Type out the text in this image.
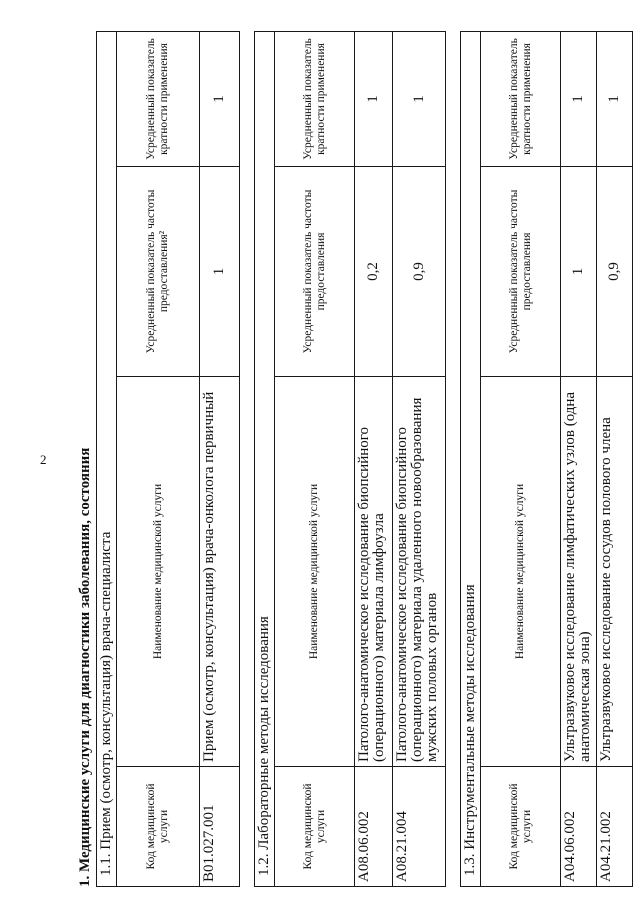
2 1. Медицинские услуги для диагностики заболевания, состояния 1.1. Прием (осмотр, консультация) врача-специалиста			
Код медицинской услуги	Наименование медицинской услуги	Усредненный показатель частоты предоставления²	Усредненный показатель кратности применения
B01.027.001	Прием (осмотр, консультация) врача-онколога первичный	1	1
1.2. Лабораторные методы исследования			
Код медицинской услуги	Наименование медицинской услуги	Усредненный показатель частоты предоставления	Усредненный показатель кратности применения
A08.06.002	Патолого-анатомическое исследование биопсийного (операционного) материала лимфоузла	0,2	1
A08.21.004	Патолого-анатомическое исследование биопсийного (операционного) материала удаленного новообразования мужских половых органов	0,9	1
1.3. Инструментальные методы исследования			
Код медицинской услуги	Наименование медицинской услуги	Усредненный показатель частоты предоставления	Усредненный показатель кратности применения
A04.06.002	Ультразвуковое исследование лимфатических узлов (одна анатомическая зона)	1	1
A04.21.002	Ультразвуковое исследование сосудов полового члена	0,9	1
